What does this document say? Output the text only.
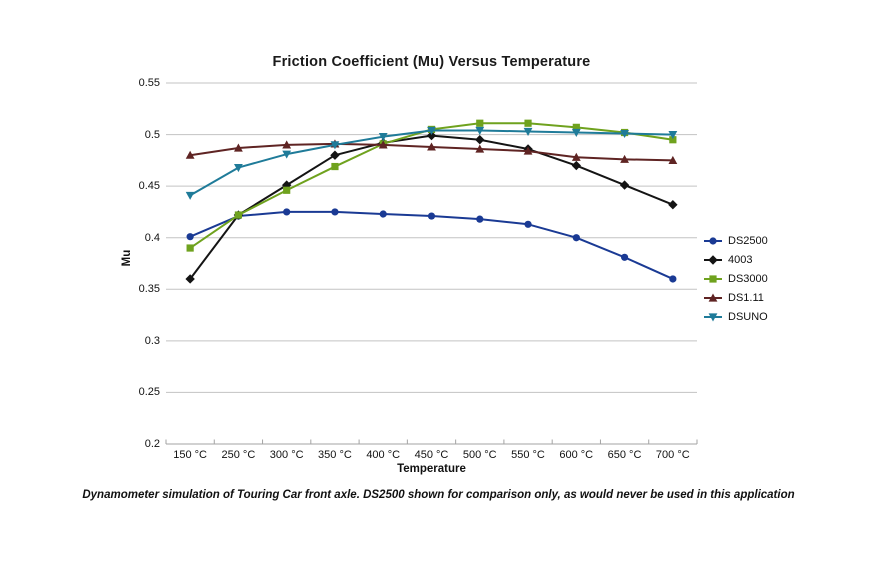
Friction Coefficient (Mu) Versus Temperature
0.55
0.5
0.45
0.4
0.35
0.3
0.25
0.2
150 °C	250 °C	300 °C	350 °C	400 °C	450 °C	500 °C	550 °C	600 °C	650 °C	700 °C
Temperature
Mu
DS2500
4003
DS3000
DS1.11
DSUNO
Dynamometer simulation of Touring Car front axle. DS2500 shown for comparison only, as would never be used in this application
